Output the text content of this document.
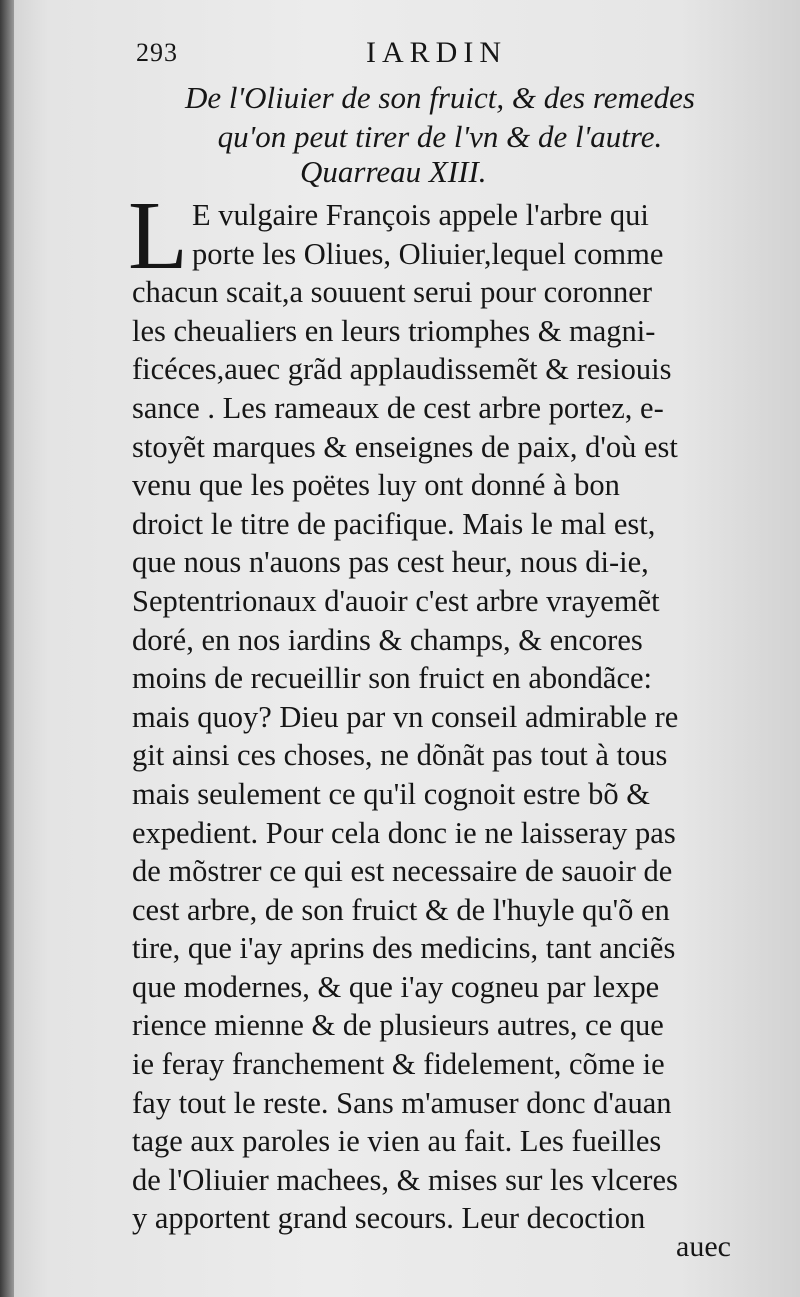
293	IARDIN
De l'Oliuier de son fruict, & des remedes
qu'on peut tirer de l'vn & de l'autre.
Quarreau XIII.
L E vulgaire François appele l'arbre qui
porte les Oliues, Oliuier,lequel comme
chacun scait,a souuent serui pour coronner
les cheualiers en leurs triomphes & magni-
ficéces,auec grãd applaudissemẽt & resiouis
sance . Les rameaux de cest arbre portez, e-
stoyẽt marques & enseignes de paix, d'où est
venu que les poëtes luy ont donné à bon
droict le titre de pacifique. Mais le mal est,
que nous n'auons pas cest heur, nous di-ie,
Septentrionaux d'auoir c'est arbre vrayemẽt
doré, en nos iardins & champs, & encores
moins de recueillir son fruict en abondãce:
mais quoy? Dieu par vn conseil admirable re
git ainsi ces choses, ne dõnãt pas tout à tous
mais seulement ce qu'il cognoit estre bõ &
expedient. Pour cela donc ie ne laisseray pas
de mõstrer ce qui est necessaire de sauoir de
cest arbre, de son fruict & de l'huyle qu'õ en
tire, que i'ay aprins des medicins, tant anciẽs
que modernes, & que i'ay cogneu par lexpe
rience mienne & de plusieurs autres, ce que
ie feray franchement & fidelement, cõme ie
fay tout le reste. Sans m'amuser donc d'auan
tage aux paroles ie vien au fait. Les fueilles
de l'Oliuier machees, & mises sur les vlceres
y apportent grand secours. Leur decoction
auec
